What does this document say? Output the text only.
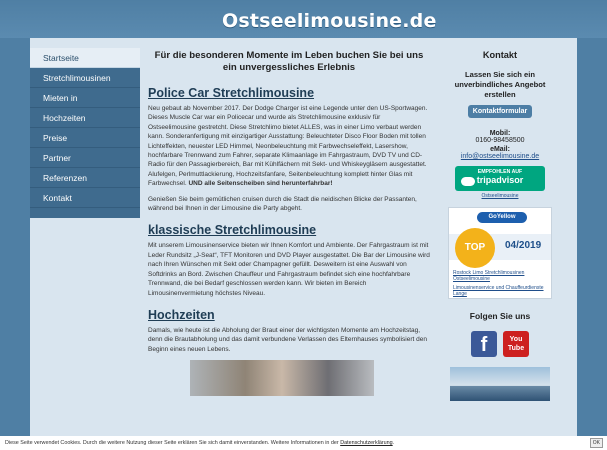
Ostseelimousine.de
Startseite
Stretchlimousinen
Mieten in
Hochzeiten
Preise
Partner
Referenzen
Kontakt
Für die besonderen Momente im Leben buchen Sie bei uns ein unvergessliches Erlebnis
Police Car Stretchlimousine

Neu gebaut ab November 2017. Der Dodge Charger ist eine Legende unter den US-Sportwagen. Dieses Muscle Car war ein Policecar und wurde als Stretchlimousine exklusiv für Ostseelimousine gestretcht. Diese Stretchlimo bietet ALLES, was in einer Limo verbaut werden kann. Sonderanfertigung mit einzigartiger Ausstattung: Beleuchteter Disco Floor Boden mit tollen Lichteffekten, neuester LED Himmel, Neonbeleuchtung mit Farbwechseleffekt, Lasershow, hochfarbare Trennwand zum Fahrer, separate Klimaanlage im Fahrgastraum, DVD TV und CD-Radio für den Passagierbereich, Bar mit Kühlfächern mit Sekt- und Whiskeygläsern ausgestattet. Alufelgen, Perlmuttlackierung, Hochzeitsfanfare, Seitenbeleuchtung komplett hinter Glas mit Farbwechsel. UND alle Seitenscheiben sind herunterfahrbar!

Genießen Sie beim gemütlichen cruisen durch die Stadt die neidischen Blicke der Passanten, während bei Ihnen in der Limousine die Party abgeht.

klassische Stretchlimousine

Mit unserem Limousinenservice bieten wir Ihnen Komfort und Ambiente. Der Fahrgastraum ist mit Leder Rundsitz „J-Seat“, TFT Monitoren und DVD Player ausgestattet. Die Bar der Limousine wird nach Ihren Wünschen mit Sekt oder Champagner gefüllt. Desweitern ist eine Auswahl von Softdrinks an Bord. Zwischen Chauffeur und Fahrgastraum befindet sich eine hochfahrbare Trennwand, die bei Bedarf geschlossen werden kann. Wir bieten im Bereich Limousinenvermietung höchstes Niveau.

Hochzeiten

Damals, wie heute ist die Abholung der Braut einer der wichtigsten Momente am Hochzeitstag, denn die Brautabholung und das damit verbundene Verlassen des Elternhauses symbolisiert den Beginn eines neuen Lebens.

Kontakt
Lassen Sie sich ein unverbindliches Angebot erstellen
Kontaktformular
Mobil:
0160-98458500
eMail:
info@ostseelimousine.de
EMPFOHLEN AUF
tripadvisor
Ostseelimousine
GoYellow
TOP	04/2019
Rostock Limo Stretchlimousinen Ostseelimousine
Limousinenservice und Chauffeurdienste Lange
Folgen Sie uns
f	You Tube
Diese Seite verwendet Cookies. Durch die weitere Nutzung dieser Seite erklären Sie sich damit einverstanden. Weitere Informationen in der Datenschutzerklärung.	OK
